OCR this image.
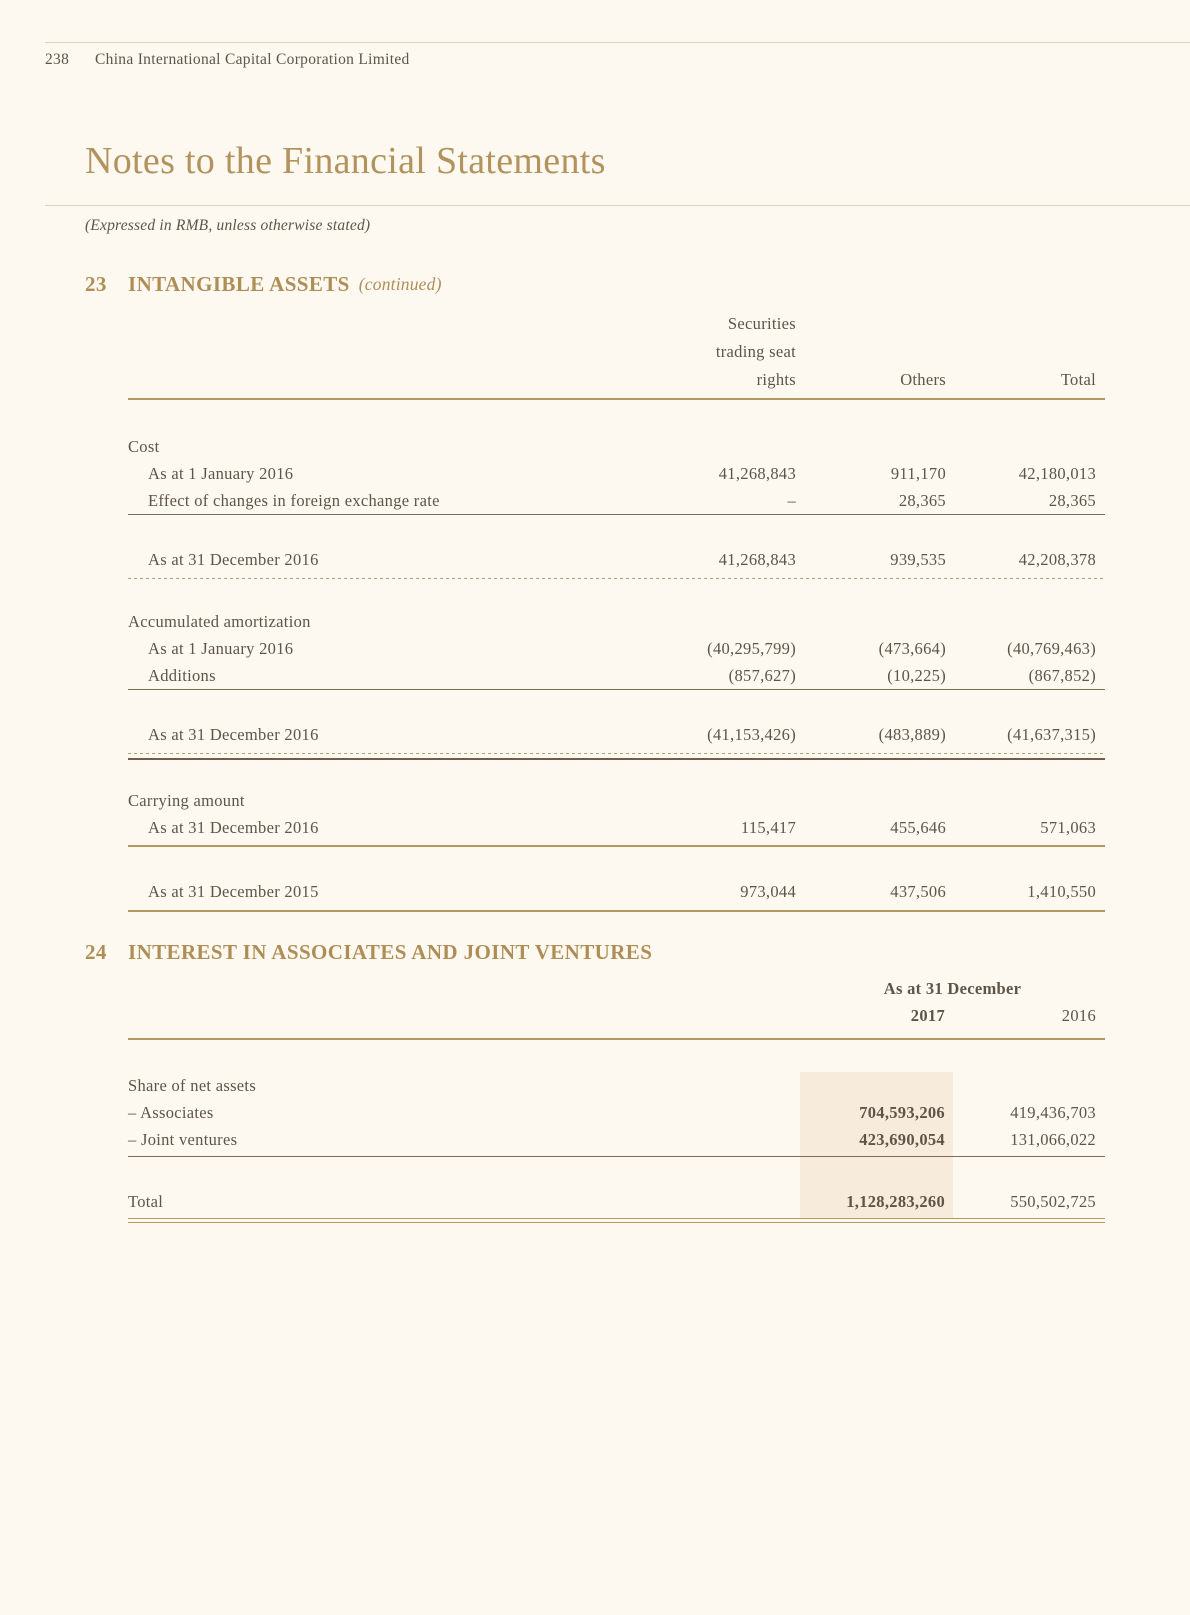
238	China International Capital Corporation Limited
Notes to the Financial Statements
(Expressed in RMB, unless otherwise stated)
23	INTANGIBLE ASSETS (continued)
Securities
trading seat
rights	Others	Total
Cost
As at 1 January 2016	41,268,843	911,170	42,180,013
Effect of changes in foreign exchange rate	–	28,365	28,365
As at 31 December 2016	41,268,843	939,535	42,208,378
Accumulated amortization
As at 1 January 2016	(40,295,799)	(473,664)	(40,769,463)
Additions	(857,627)	(10,225)	(867,852)
As at 31 December 2016	(41,153,426)	(483,889)	(41,637,315)
Carrying amount
As at 31 December 2016	115,417	455,646	571,063
As at 31 December 2015	973,044	437,506	1,410,550
24	INTEREST IN ASSOCIATES AND JOINT VENTURES
As at 31 December
2017	2016
Share of net assets
– Associates	704,593,206	419,436,703
– Joint ventures	423,690,054	131,066,022
Total	1,128,283,260	550,502,725
